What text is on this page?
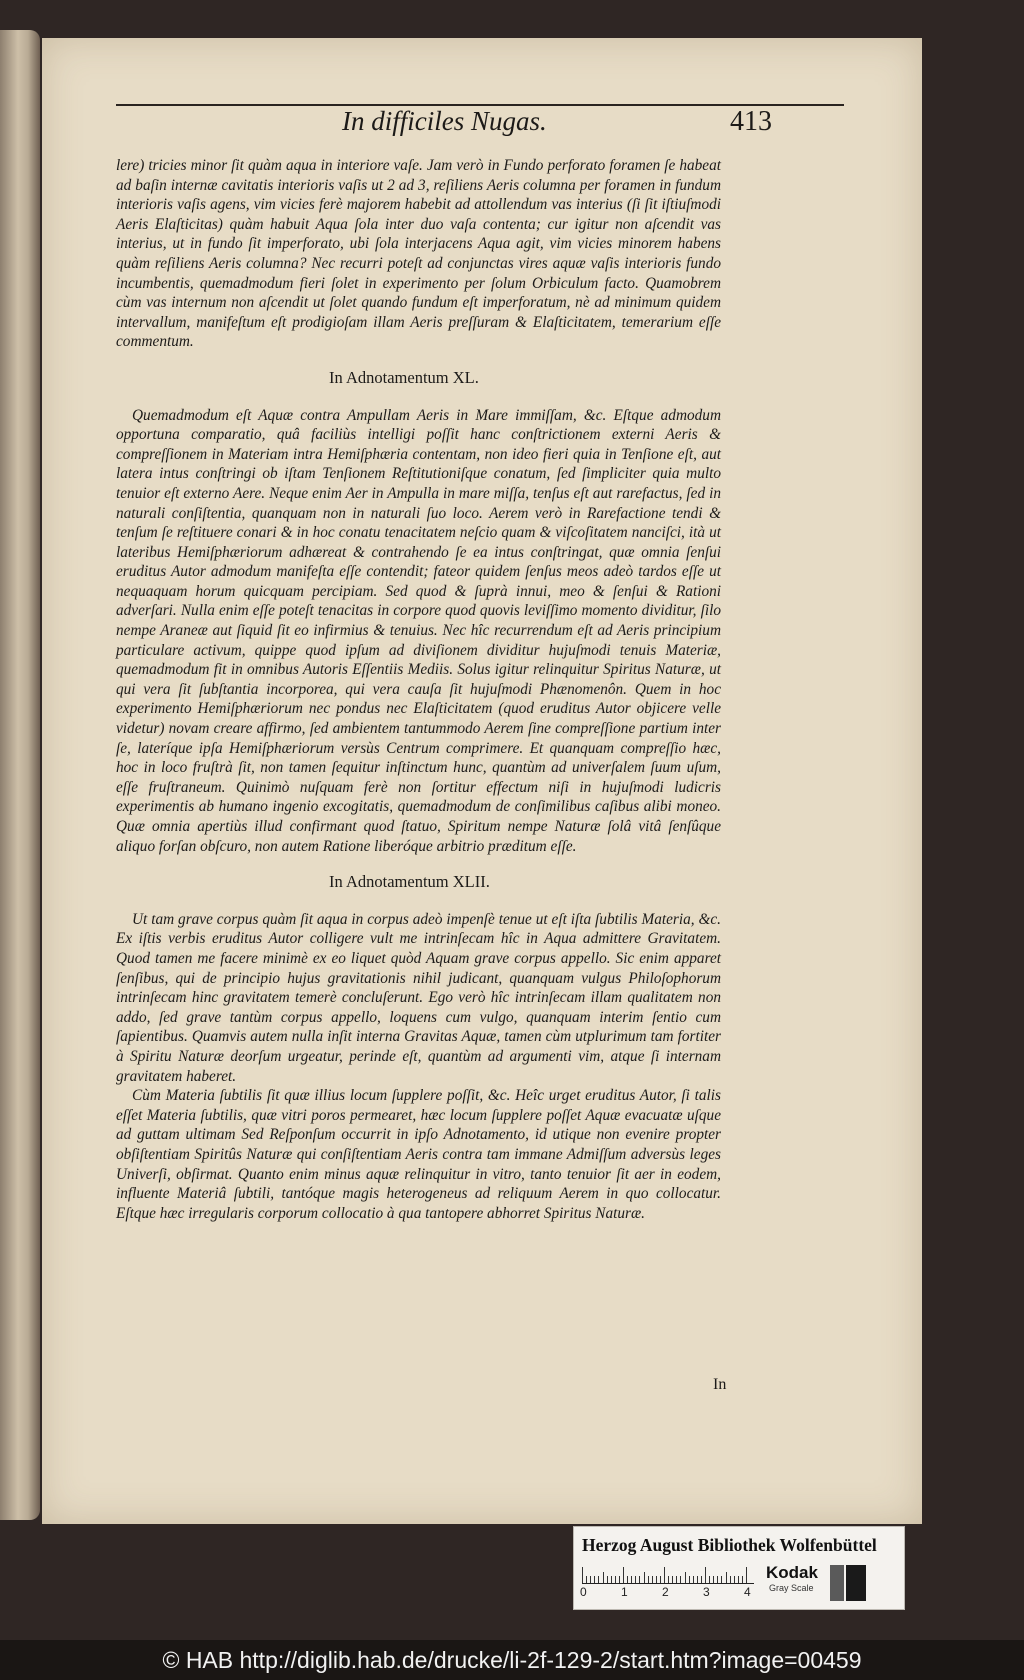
In difficiles Nugas.	413

lere) tricies minor ſit quàm aqua in interiore vaſe. Jam verò in Fundo perforato foramen ſe habeat ad baſin internæ cavitatis interioris vaſis ut 2 ad 3, reſiliens Aeris columna per foramen in fundum interioris vaſis agens, vim vicies ferè majorem habebit ad attollendum vas interius (ſi ſit iſtiuſmodi Aeris Elaſticitas) quàm habuit Aqua ſola inter duo vaſa contenta; cur igitur non aſcendit vas interius, ut in fundo ſit imperforato, ubi ſola interjacens Aqua agit, vim vicies minorem habens quàm reſiliens Aeris columna? Nec recurri poteſt ad conjunctas vires aquæ vaſis interioris fundo incumbentis, quemadmodum fieri ſolet in experimento per ſolum Orbiculum facto. Quamobrem cùm vas internum non aſcendit ut ſolet quando fundum eſt imperforatum, nè ad minimum quidem intervallum, manifeſtum eſt prodigioſam illam Aeris preſſuram & Elaſticitatem, temerarium eſſe commentum.

In Adnotamentum XL.

Quemadmodum eſt Aquæ contra Ampullam Aeris in Mare immiſſam, &c. Eſtque admodum opportuna comparatio, quâ faciliùs intelligi poſſit hanc conſtrictionem externi Aeris & compreſſionem in Materiam intra Hemiſphæria contentam, non ideo fieri quia in Tenſione eſt, aut latera intus conſtringi ob iſtam Tenſionem Reſtitutioniſque conatum, ſed ſimpliciter quia multo tenuior eſt externo Aere. Neque enim Aer in Ampulla in mare miſſa, tenſus eſt aut rarefactus, ſed in naturali conſiſtentia, quanquam non in naturali ſuo loco. Aerem verò in Rarefactione tendi & tenſum ſe reſtituere conari & in hoc conatu tenacitatem neſcio quam & viſcoſitatem nanciſci, ità ut lateribus Hemiſphæriorum adhæreat & contrahendo ſe ea intus conſtringat, quæ omnia ſenſui eruditus Autor admodum manifeſta eſſe contendit; fateor quidem ſenſus meos adeò tardos eſſe ut nequaquam horum quicquam percipiam. Sed quod & ſuprà innui, meo & ſenſui & Rationi adverſari. Nulla enim eſſe poteſt tenacitas in corpore quod quovis leviſſimo momento dividitur, ſilo nempe Araneæ aut ſiquid ſit eo infirmius & tenuius. Nec hîc recurrendum eſt ad Aeris principium particulare activum, quippe quod ipſum ad diviſionem dividitur hujuſmodi tenuis Materiæ, quemadmodum fit in omnibus Autoris Eſſentiis Mediis. Solus igitur relinquitur Spiritus Naturæ, ut qui vera ſit ſubſtantia incorporea, qui vera cauſa ſit hujuſmodi Phænomenôn. Quem in hoc experimento Hemiſphæriorum nec pondus nec Elaſticitatem (quod eruditus Autor objicere velle videtur) novam creare affirmo, ſed ambientem tantummodo Aerem ſine compreſſione partium inter ſe, lateríque ipſa Hemiſphæriorum versùs Centrum comprimere. Et quanquam compreſſio hæc, hoc in loco fruſtrà ſit, non tamen ſequitur inſtinctum hunc, quantùm ad univerſalem ſuum uſum, eſſe fruſtraneum. Quinimò nuſquam ferè non ſortitur effectum niſi in hujuſmodi ludicris experimentis ab humano ingenio excogitatis, quemadmodum de conſimilibus caſibus alibi moneo. Quæ omnia apertiùs illud confirmant quod ſtatuo, Spiritum nempe Naturæ ſolâ vitâ ſenſûque aliquo forſan obſcuro, non autem Ratione liberóque arbitrio præditum eſſe.

In Adnotamentum XLII.

Ut tam grave corpus quàm ſit aqua in corpus adeò impenſè tenue ut eſt iſta ſubtilis Materia, &c. Ex iſtis verbis eruditus Autor colligere vult me intrinſecam hîc in Aqua admittere Gravitatem. Quod tamen me facere minimè ex eo liquet quòd Aquam grave corpus appello. Sic enim apparet ſenſibus, qui de principio hujus gravitationis nihil judicant, quanquam vulgus Philoſophorum intrinſecam hinc gravitatem temerè concluſerunt. Ego verò hîc intrinſecam illam qualitatem non addo, ſed grave tantùm corpus appello, loquens cum vulgo, quanquam interim ſentio cum ſapientibus. Quamvis autem nulla inſit interna Gravitas Aquæ, tamen cùm utplurimum tam fortiter à Spiritu Naturæ deorſum urgeatur, perinde eſt, quantùm ad argumenti vim, atque ſi internam gravitatem haberet.

Cùm Materia ſubtilis ſit quæ illius locum ſupplere poſſit, &c. Heîc urget eruditus Autor, ſi talis eſſet Materia ſubtilis, quæ vitri poros permearet, hæc locum ſupplere poſſet Aquæ evacuatæ uſque ad guttam ultimam Sed Reſponſum occurrit in ipſo Adnotamento, id utique non evenire propter obſiſtentiam Spiritûs Naturæ qui conſiſtentiam Aeris contra tam immane Admiſſum adversùs leges Univerſi, obſirmat. Quanto enim minus aquæ relinquitur in vitro, tanto tenuior ſit aer in eodem, influente Materiâ ſubtili, tantóque magis heterogeneus ad reliquum Aerem in quo collocatur. Eſtque hæc irregularis corporum collocatio à qua tantopere abhorret Spiritus Naturæ.

In
Herzog August Bibliothek Wolfenbüttel
0	1	2	3	4
Kodak
Gray Scale
© HAB http://diglib.hab.de/drucke/li-2f-129-2/start.htm?image=00459
